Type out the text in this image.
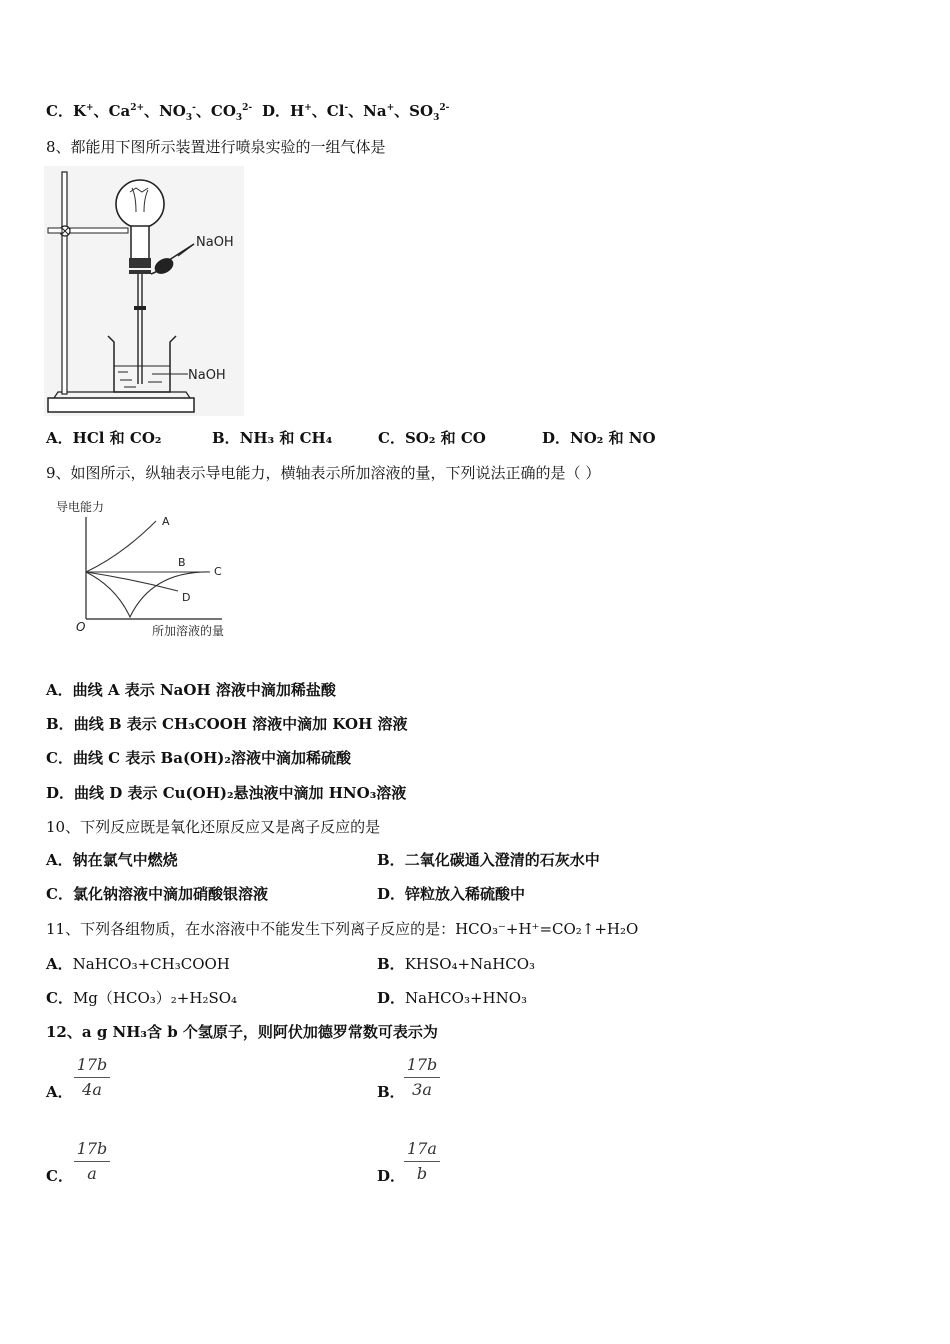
C．K+、$Ca^{2+}$、$NO_3^-$、$CO_3^{2-}$ D．H+、Cl-、Na+、$SO_3^{2-}$
8、都能用下图所示装置进行喷泉实验的一组气体是
NaOH
NaOH
A．HCl 和 CO₂	B．NH₃ 和 CH₄	C．SO₂ 和 CO	D．NO₂ 和 NO
9、如图所示，纵轴表示导电能力，横轴表示所加溶液的量，下列说法正确的是（ ）
导电能力
O	所加溶液的量
A
B
C
D
A．曲线 A 表示 NaOH 溶液中滴加稀盐酸
B．曲线 B 表示 CH₃COOH 溶液中滴加 KOH 溶液
C．曲线 C 表示 Ba(OH)₂溶液中滴加稀硫酸
D．曲线 D 表示 Cu(OH)₂悬浊液中滴加 HNO₃溶液
10、下列反应既是氧化还原反应又是离子反应的是
A．钠在氯气中燃烧	B．二氧化碳通入澄清的石灰水中
C．氯化钠溶液中滴加硝酸银溶液	D．锌粒放入稀硫酸中
11、下列各组物质，在水溶液中不能发生下列离子反应的是：HCO₃⁻+H⁺=CO₂↑+H₂O
A．NaHCO₃+CH₃COOH	B．KHSO₄+NaHCO₃
C．Mg（HCO₃）₂+H₂SO₄	D．NaHCO₃+HNO₃
12、a g NH₃含 b 个氢原子，则阿伏加德罗常数可表示为
A．
17b
4a	B．
17b
3a
C．
17b
a	D．
17a
b
